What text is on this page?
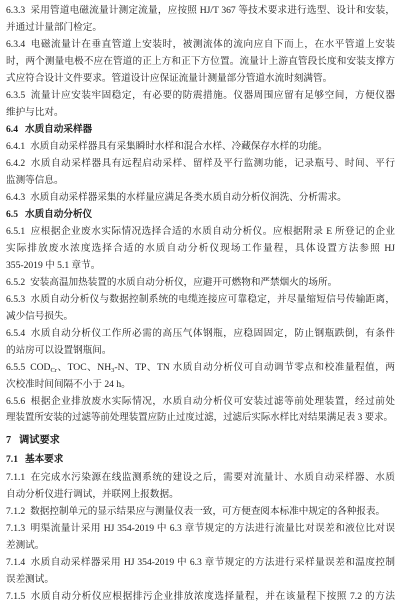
6.3.3 采用管道电磁流量计测定流量，应按照 HJ/T 367 等技术要求进行选型、设计和安装，
并通过计量部门检定。
6.3.4 电磁流量计在垂直管道上安装时，被测流体的流向应自下而上，在水平管道上安装
时，两个测量电极不应在管道的正上方和正下方位置。流量计上游直管段长度和安装支撑方
式应符合设计文件要求。管道设计应保证流量计测量部分管道水流时刻满管。
6.3.5 流量计应安装牢固稳定，有必要的防震措施。仪器周围应留有足够空间，方便仪器
维护与比对。
6.4 水质自动采样器
6.4.1 水质自动采样器具有采集瞬时水样和混合水样、冷藏保存水样的功能。
6.4.2 水质自动采样器具有远程启动采样、留样及平行监测功能，记录瓶号、时间、平行
监测等信息。
6.4.3 水质自动采样器采集的水样量应满足各类水质自动分析仪润洗、分析需求。
6.5 水质自动分析仪
6.5.1 应根据企业废水实际情况选择合适的水质自动分析仪。应根据附录 E 所登记的企业
实际排放废水浓度选择合适的水质自动分析仪现场工作量程，具体设置方法参照 HJ
355-2019 中 5.1 章节。
6.5.2 安装高温加热装置的水质自动分析仪，应避开可燃物和严禁烟火的场所。
6.5.3 水质自动分析仪与数据控制系统的电缆连接应可靠稳定，并尽量缩短信号传输距离，
减少信号损失。
6.5.4 水质自动分析仪工作所必需的高压气体钢瓶，应稳固固定，防止钢瓶跌倒，有条件
的站房可以设置钢瓶间。
6.5.5 $COD_{Cr}$、TOC、$NH_3-N$、TP、TN 水质自动分析仪可自动调节零点和校准量程值，两
次校准时间间隔不小于 24 h。
6.5.6 根据企业排放废水实际情况，水质自动分析仪可安装过滤等前处理装置，经过前处
理装置所安装的过滤等前处理装置应防止过度过滤，过滤后实际水样比对结果满足表 3 要求。
7 调试要求
7.1 基本要求
7.1.1 在完成水污染源在线监测系统的建设之后，需要对流量计、水质自动采样器、水质
自动分析仪进行调试，并联网上报数据。
7.1.2 数据控制单元的显示结果应与测量仪表一致，可方便查阅本标准中规定的各种报表。
7.1.3 明渠流量计采用 HJ 354-2019 中 6.3 章节规定的方法进行流量比对误差和液位比对误
差测试。
7.1.4 水质自动采样器采用 HJ 354-2019 中 6.3 章节规定的方法进行采样量误差和温度控制
误差测试。
7.1.5 水质自动分析仪应根据排污企业排放浓度选择量程，并在该量程下按照 7.2 的方法
